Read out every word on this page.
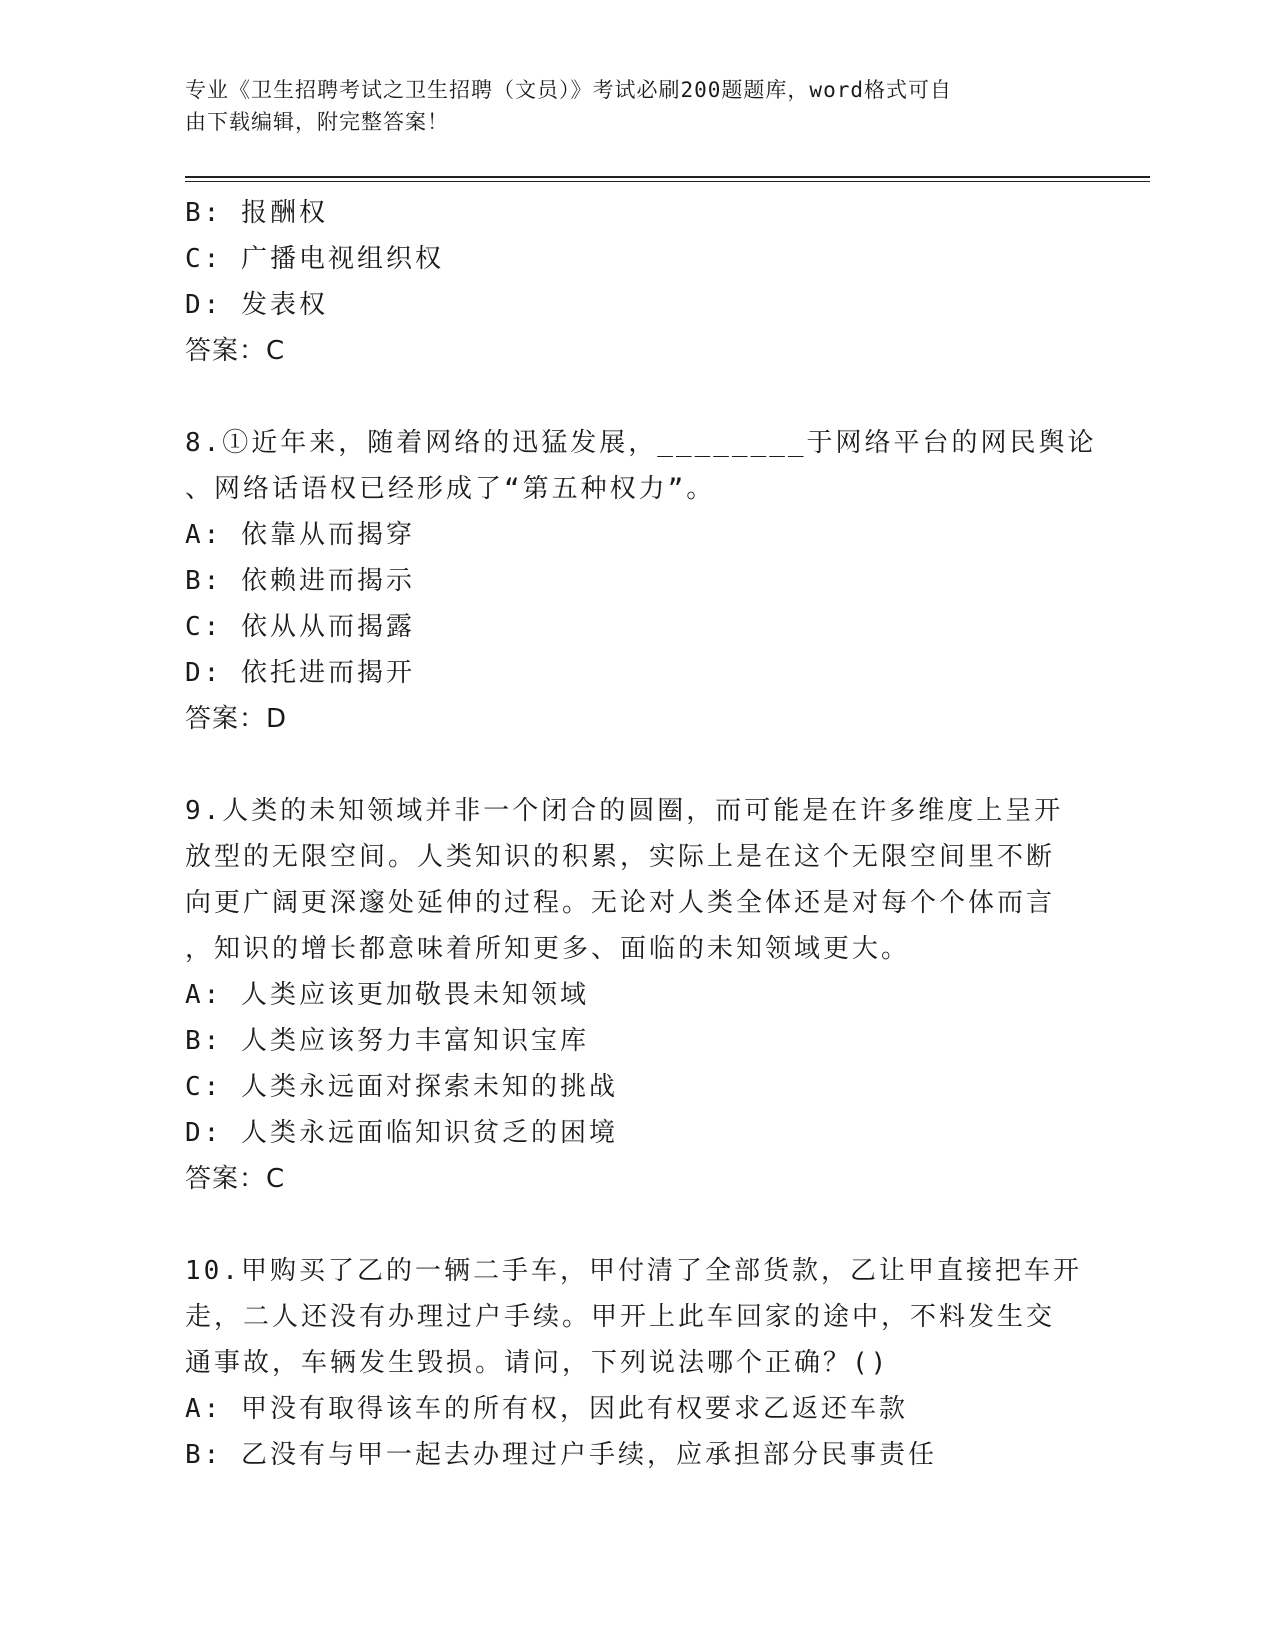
专业《卫生招聘考试之卫生招聘（文员）》考试必刷200题题库，word格式可自
由下载编辑，附完整答案！
B: 报酬权
C: 广播电视组织权
D: 发表权
答案：C
8.①近年来，随着网络的迅猛发展，________于网络平台的网民舆论
、网络话语权已经形成了“第五种权力”。
A: 依靠从而揭穿
B: 依赖进而揭示
C: 依从从而揭露
D: 依托进而揭开
答案：D
9.人类的未知领域并非一个闭合的圆圈，而可能是在许多维度上呈开
放型的无限空间。人类知识的积累，实际上是在这个无限空间里不断
向更广阔更深邃处延伸的过程。无论对人类全体还是对每个个体而言
，知识的增长都意味着所知更多、面临的未知领域更大。
A: 人类应该更加敬畏未知领域
B: 人类应该努力丰富知识宝库
C: 人类永远面对探索未知的挑战
D: 人类永远面临知识贫乏的困境
答案：C
10.甲购买了乙的一辆二手车，甲付清了全部货款，乙让甲直接把车开
走，二人还没有办理过户手续。甲开上此车回家的途中，不料发生交
通事故，车辆发生毁损。请问，下列说法哪个正确？()
A: 甲没有取得该车的所有权，因此有权要求乙返还车款
B: 乙没有与甲一起去办理过户手续，应承担部分民事责任
